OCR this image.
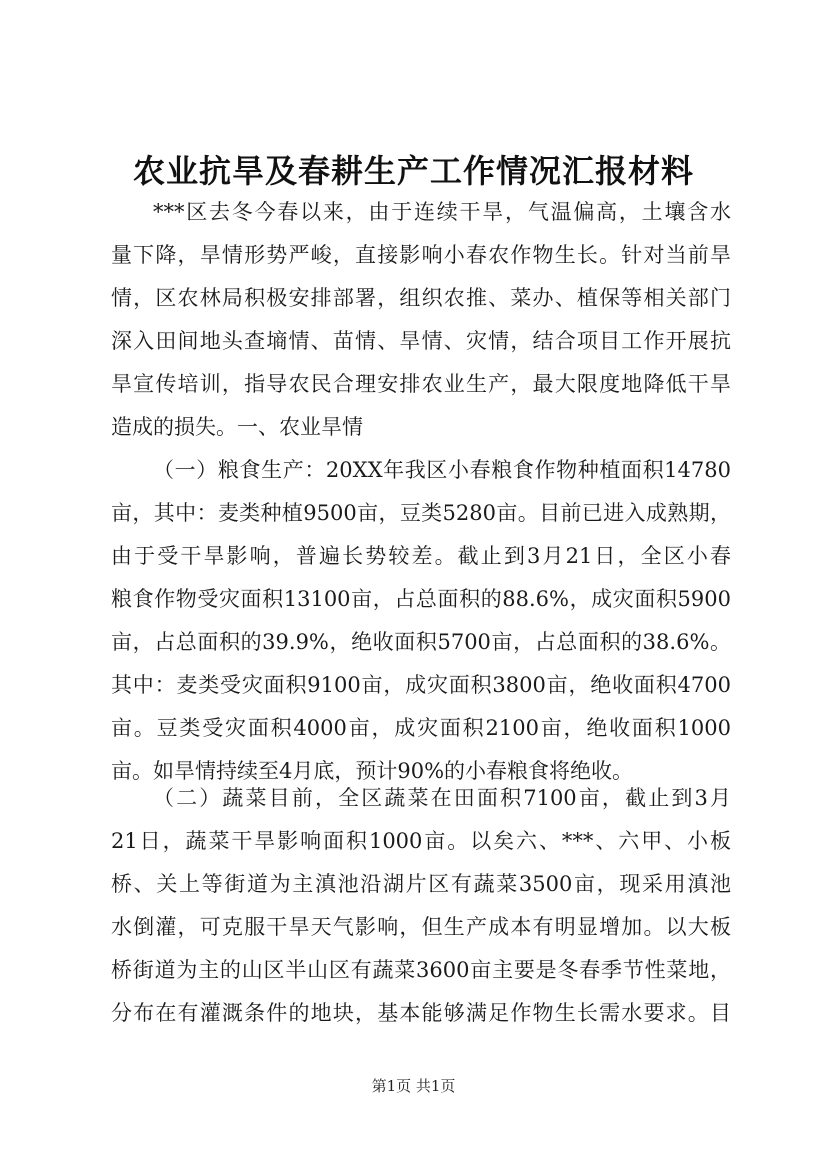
农业抗旱及春耕生产工作情况汇报材料
***区去冬今春以来，由于连续干旱，气温偏高，土壤含水
量下降，旱情形势严峻，直接影响小春农作物生长。针对当前旱
情，区农林局积极安排部署，组织农推、菜办、植保等相关部门
深入田间地头查墒情、苗情、旱情、灾情，结合项目工作开展抗
旱宣传培训，指导农民合理安排农业生产，最大限度地降低干旱
造成的损失。一、农业旱情
（一）粮食生产：20XX年我区小春粮食作物种植面积14780
亩，其中：麦类种植9500亩，豆类5280亩。目前已进入成熟期，
由于受干旱影响，普遍长势较差。截止到3月21日，全区小春
粮食作物受灾面积13100亩，占总面积的88.6%，成灾面积5900
亩，占总面积的39.9%，绝收面积5700亩，占总面积的38.6%。
其中：麦类受灾面积9100亩，成灾面积3800亩，绝收面积4700
亩。豆类受灾面积4000亩，成灾面积2100亩，绝收面积1000
亩。如旱情持续至4月底，预计90%的小春粮食将绝收。
（二）蔬菜目前，全区蔬菜在田面积7100亩，截止到3月
21日，蔬菜干旱影响面积1000亩。以矣六、***、六甲、小板
桥、关上等街道为主滇池沿湖片区有蔬菜3500亩，现采用滇池
水倒灌，可克服干旱天气影响，但生产成本有明显增加。以大板
桥街道为主的山区半山区有蔬菜3600亩主要是冬春季节性菜地，
分布在有灌溉条件的地块，基本能够满足作物生长需水要求。目
第1页 共1页
